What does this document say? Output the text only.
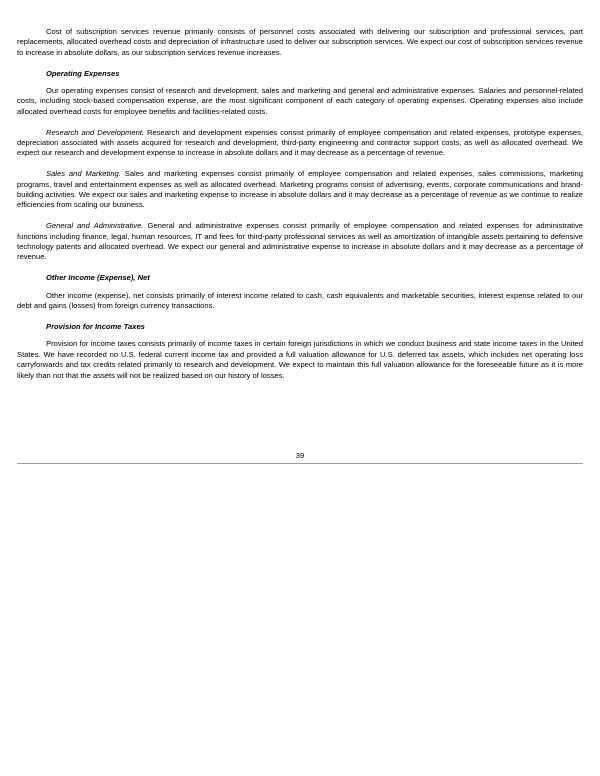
Cost of subscription services revenue primarily consists of personnel costs associated with delivering our subscription and professional services, part replacements, allocated overhead costs and depreciation of infrastructure used to deliver our subscription services. We expect our cost of subscription services revenue to increase in absolute dollars, as our subscription services revenue increases.

Operating Expenses

Our operating expenses consist of research and development, sales and marketing and general and administrative expenses. Salaries and personnel-related costs, including stock-based compensation expense, are the most significant component of each category of operating expenses. Operating expenses also include allocated overhead costs for employee benefits and facilities-related costs.

Research and Development. Research and development expenses consist primarily of employee compensation and related expenses, prototype expenses, depreciation associated with assets acquired for research and development, third-party engineering and contractor support costs, as well as allocated overhead. We expect our research and development expense to increase in absolute dollars and it may decrease as a percentage of revenue.

Sales and Marketing. Sales and marketing expenses consist primarily of employee compensation and related expenses, sales commissions, marketing programs, travel and entertainment expenses as well as allocated overhead. Marketing programs consist of advertising, events, corporate communications and brand-building activities. We expect our sales and marketing expense to increase in absolute dollars and it may decrease as a percentage of revenue as we continue to realize efficiencies from scaling our business.

General and Administrative. General and administrative expenses consist primarily of employee compensation and related expenses for administrative functions including finance, legal, human resources, IT and fees for third-party professional services as well as amortization of intangible assets pertaining to defensive technology patents and allocated overhead. We expect our general and administrative expense to increase in absolute dollars and it may decrease as a percentage of revenue.

Other Income (Expense), Net

Other income (expense), net consists primarily of interest income related to cash, cash equivalents and marketable securities, interest expense related to our debt and gains (losses) from foreign currency transactions.

Provision for Income Taxes

Provision for income taxes consists primarily of income taxes in certain foreign jurisdictions in which we conduct business and state income taxes in the United States. We have recorded no U.S. federal current income tax and provided a full valuation allowance for U.S. deferred tax assets, which includes net operating loss carryforwards and tax credits related primarily to research and development. We expect to maintain this full valuation allowance for the foreseeable future as it is more likely than not that the assets will not be realized based on our history of losses.

39
